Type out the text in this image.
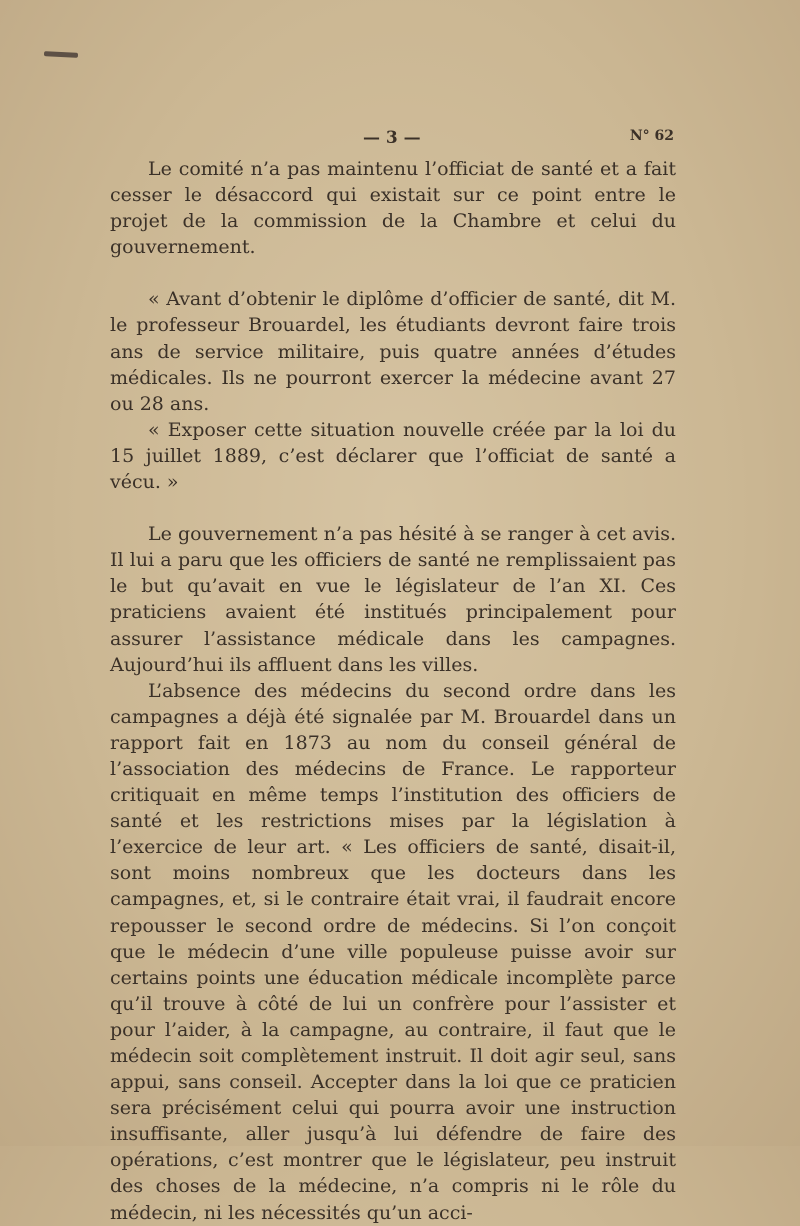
— 3 —	N° 62

Le comité n’a pas maintenu l’officiat de santé et a fait cesser le désaccord qui existait sur ce point entre le projet de la commission de la Chambre et celui du gouvernement.

« Avant d’obtenir le diplôme d’officier de santé, dit M. le professeur Brouardel, les étudiants devront faire trois ans de service militaire, puis quatre années d’études médicales. Ils ne pourront exercer la médecine avant 27 ou 28 ans.

« Exposer cette situation nouvelle créée par la loi du 15 juillet 1889, c’est déclarer que l’officiat de santé a vécu. »

Le gouvernement n’a pas hésité à se ranger à cet avis. Il lui a paru que les officiers de santé ne remplissaient pas le but qu’avait en vue le législateur de l’an XI. Ces praticiens avaient été institués principalement pour assurer l’assistance médicale dans les campagnes. Aujourd’hui ils affluent dans les villes.

L’absence des médecins du second ordre dans les campagnes a déjà été signalée par M. Brouardel dans un rapport fait en 1873 au nom du conseil général de l’association des médecins de France. Le rapporteur critiquait en même temps l’institution des officiers de santé et les restrictions mises par la législation à l’exercice de leur art. « Les officiers de santé, disait-il, sont moins nombreux que les docteurs dans les campagnes, et, si le contraire était vrai, il faudrait encore repousser le second ordre de médecins. Si l’on conçoit que le médecin d’une ville populeuse puisse avoir sur certains points une éducation médicale incomplète parce qu’il trouve à côté de lui un confrère pour l’assister et pour l’aider, à la campagne, au contraire, il faut que le médecin soit complètement instruit. Il doit agir seul, sans appui, sans conseil. Accepter dans la loi que ce praticien sera précisément celui qui pourra avoir une instruction insuffisante, aller jusqu’à lui défendre de faire des opérations, c’est montrer que le législateur, peu instruit des choses de la médecine, n’a compris ni le rôle du médecin, ni les nécessités qu’un acci-
